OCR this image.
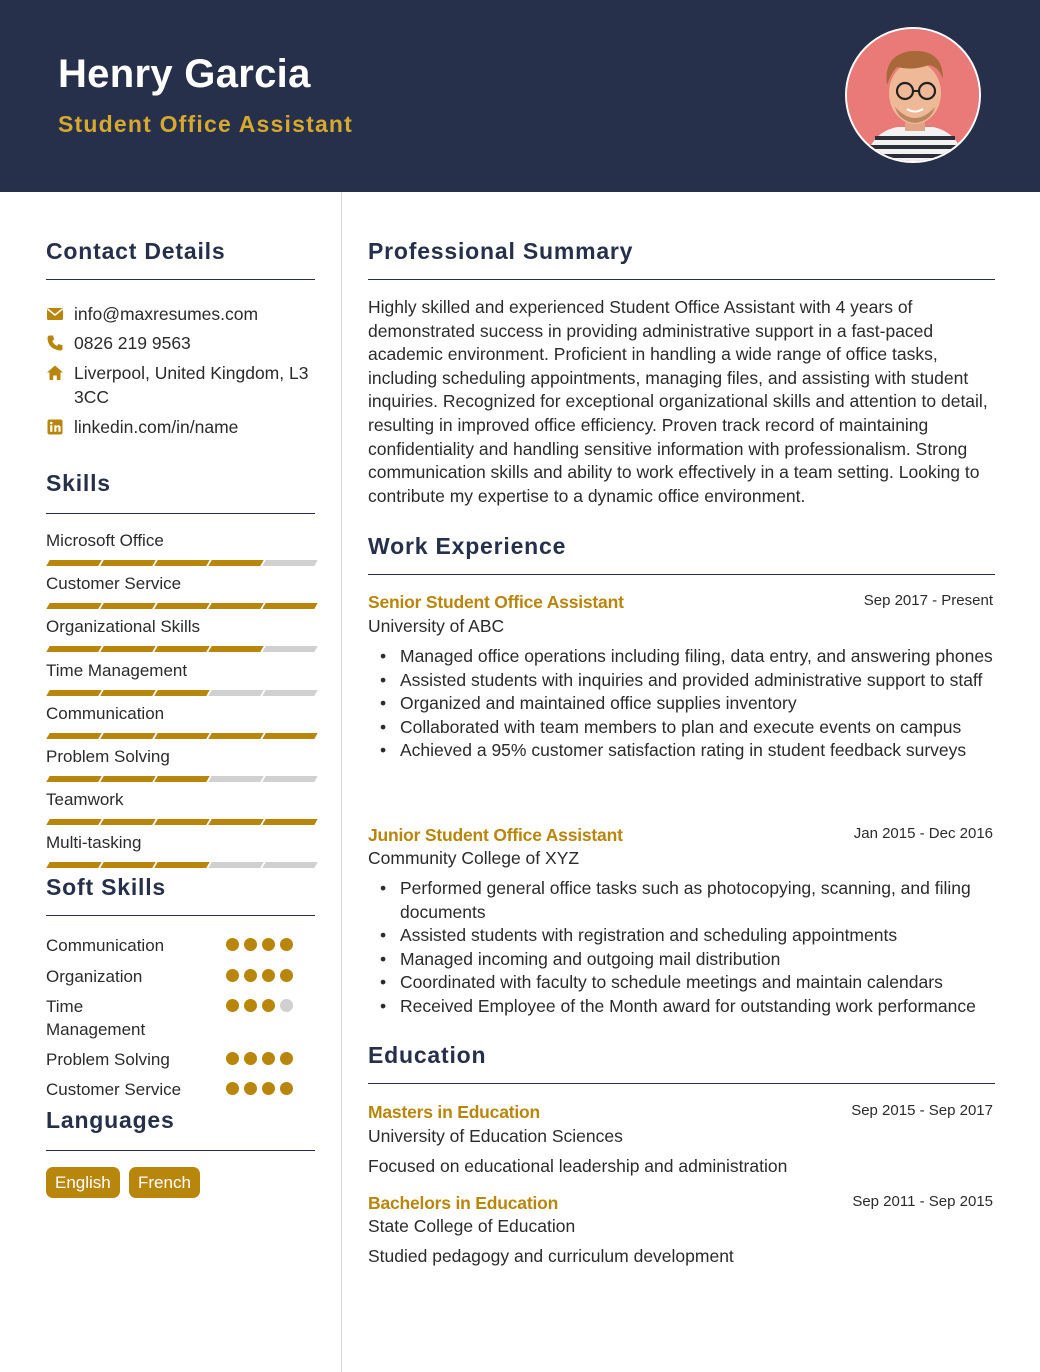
Henry Garcia
Student Office Assistant
Contact Details
info@maxresumes.com
0826 219 9563
Liverpool, United Kingdom, L3 3CC
linkedin.com/in/name
Skills
Microsoft Office
Customer Service
Organizational Skills
Time Management
Communication
Problem Solving
Teamwork
Multi-tasking
Soft Skills
Communication
Organization
Time Management
Problem Solving
Customer Service
Languages
English	French
Professional Summary
Highly skilled and experienced Student Office Assistant with 4 years of demonstrated success in providing administrative support in a fast-paced academic environment. Proficient in handling a wide range of office tasks, including scheduling appointments, managing files, and assisting with student inquiries. Recognized for exceptional organizational skills and attention to detail, resulting in improved office efficiency. Proven track record of maintaining confidentiality and handling sensitive information with professionalism. Strong communication skills and ability to work effectively in a team setting. Looking to contribute my expertise to a dynamic office environment.
Work Experience
Senior Student Office Assistant	Sep 2017 - Present
University of ABC
• Managed office operations including filing, data entry, and answering phones
• Assisted students with inquiries and provided administrative support to staff
• Organized and maintained office supplies inventory
• Collaborated with team members to plan and execute events on campus
• Achieved a 95% customer satisfaction rating in student feedback surveys
Junior Student Office Assistant	Jan 2015 - Dec 2016
Community College of XYZ
• Performed general office tasks such as photocopying, scanning, and filing documents
• Assisted students with registration and scheduling appointments
• Managed incoming and outgoing mail distribution
• Coordinated with faculty to schedule meetings and maintain calendars
• Received Employee of the Month award for outstanding work performance
Education
Masters in Education	Sep 2015 - Sep 2017
University of Education Sciences
Focused on educational leadership and administration
Bachelors in Education	Sep 2011 - Sep 2015
State College of Education
Studied pedagogy and curriculum development
